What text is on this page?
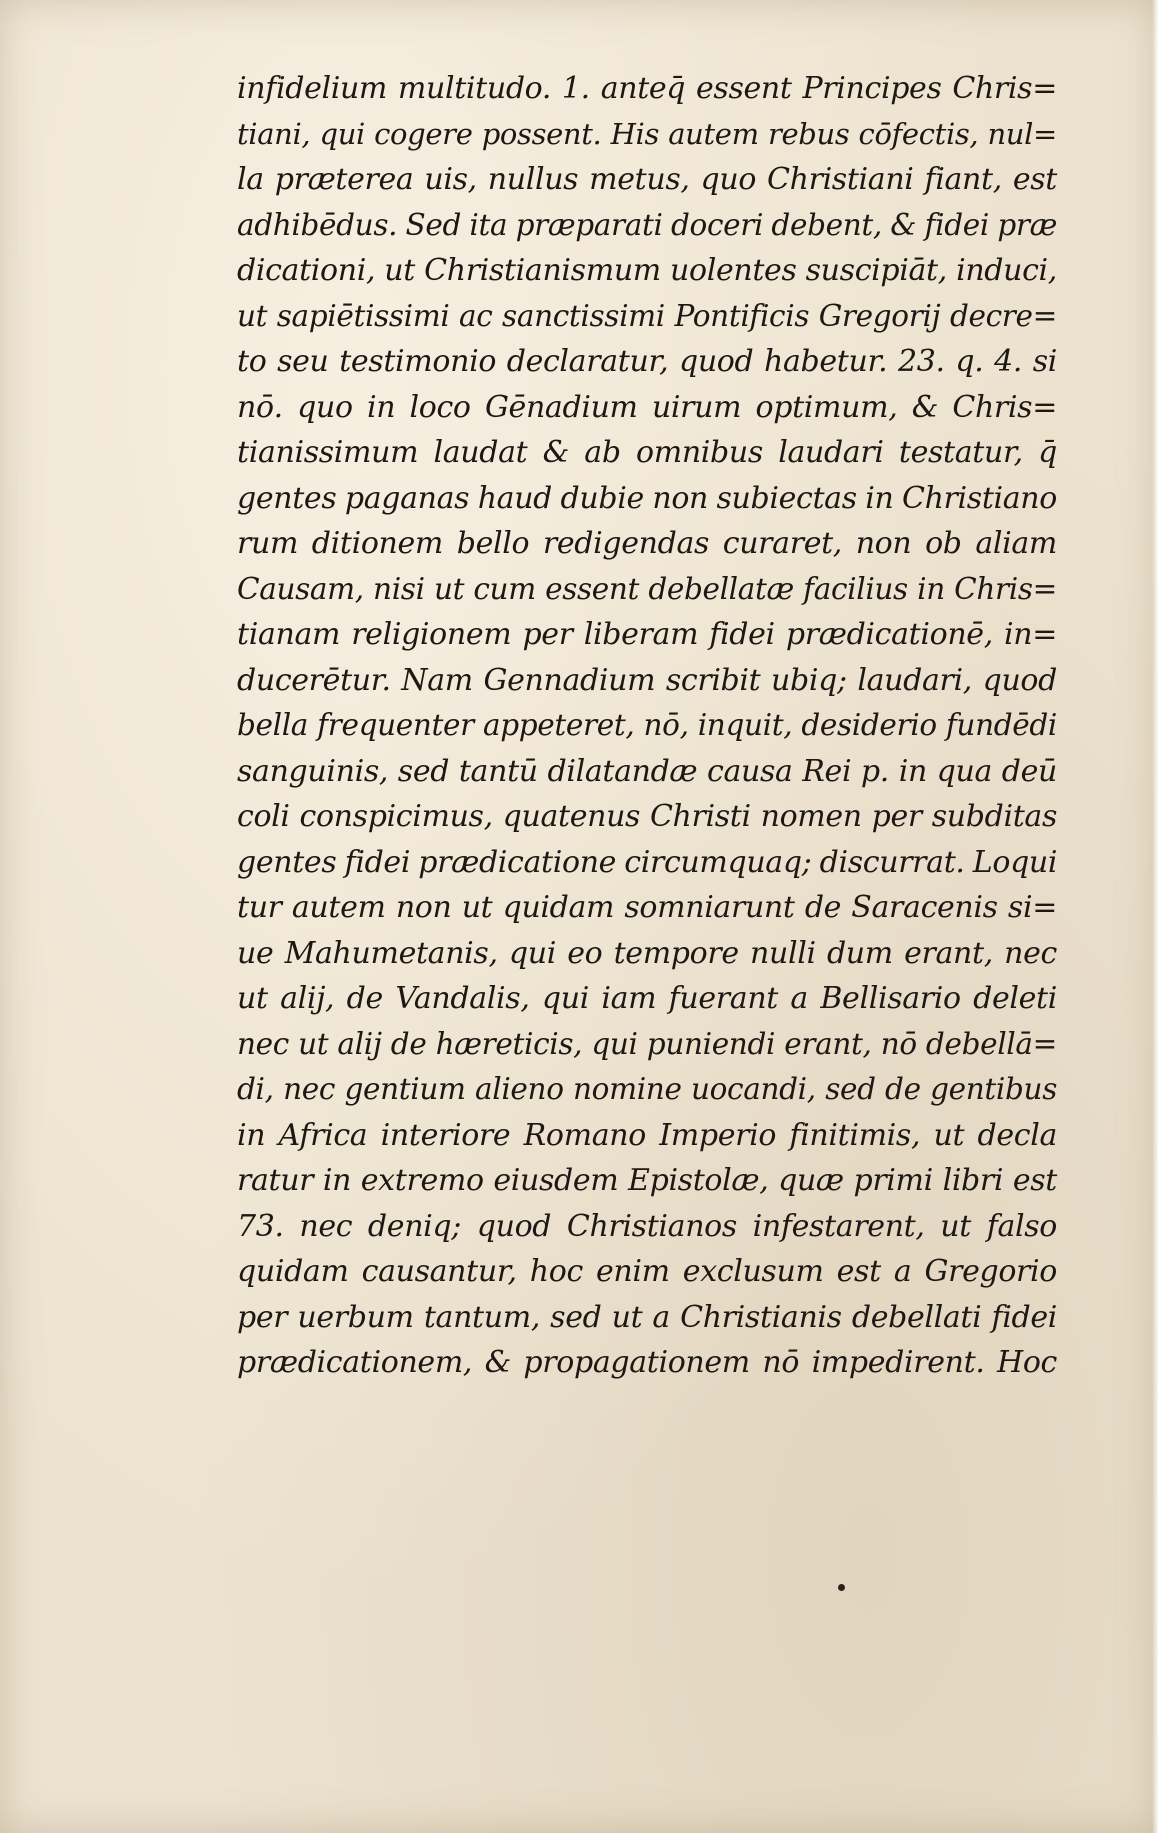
infidelium multitudo. 1. anteq̄ essent Principes Chris=
tiani, qui cogere possent. His autem rebus cōfectis, nul=
la præterea uis, nullus metus, quo Christiani fiant, est
adhibēdus. Sed ita præparati doceri debent, & fidei præ
dicationi, ut Christianismum uolentes suscipiāt, induci,
ut sapiētissimi ac sanctissimi Pontificis Gregorij decre=
to seu testimonio declaratur, quod habetur. 23. q. 4. si
nō. quo in loco Gēnadium uirum optimum, & Chris=
tianissimum laudat & ab omnibus laudari testatur, q̄
gentes paganas haud dubie non subiectas in Christiano
rum ditionem bello redigendas curaret, non ob aliam
Causam, nisi ut cum essent debellatæ facilius in Chris=
tianam religionem per liberam fidei prædicationē, in=
ducerētur. Nam Gennadium scribit ubiq; laudari, quod
bella frequenter appeteret, nō, inquit, desiderio fundēdi
sanguinis, sed tantū dilatandæ causa Rei p. in qua deū
coli conspicimus, quatenus Christi nomen per subditas
gentes fidei prædicatione circumquaq; discurrat. Loqui
tur autem non ut quidam somniarunt de Saracenis si=
ue Mahumetanis, qui eo tempore nulli dum erant, nec
ut alij, de Vandalis, qui iam fuerant a Bellisario deleti
nec ut alij de hæreticis, qui puniendi erant, nō debellā=
di, nec gentium alieno nomine uocandi, sed de gentibus
in Africa interiore Romano Imperio finitimis, ut decla
ratur in extremo eiusdem Epistolæ, quæ primi libri est
73. nec deniq; quod Christianos infestarent, ut falso
quidam causantur, hoc enim exclusum est a Gregorio
per uerbum tantum, sed ut a Christianis debellati fidei
prædicationem, & propagationem nō impedirent. Hoc
